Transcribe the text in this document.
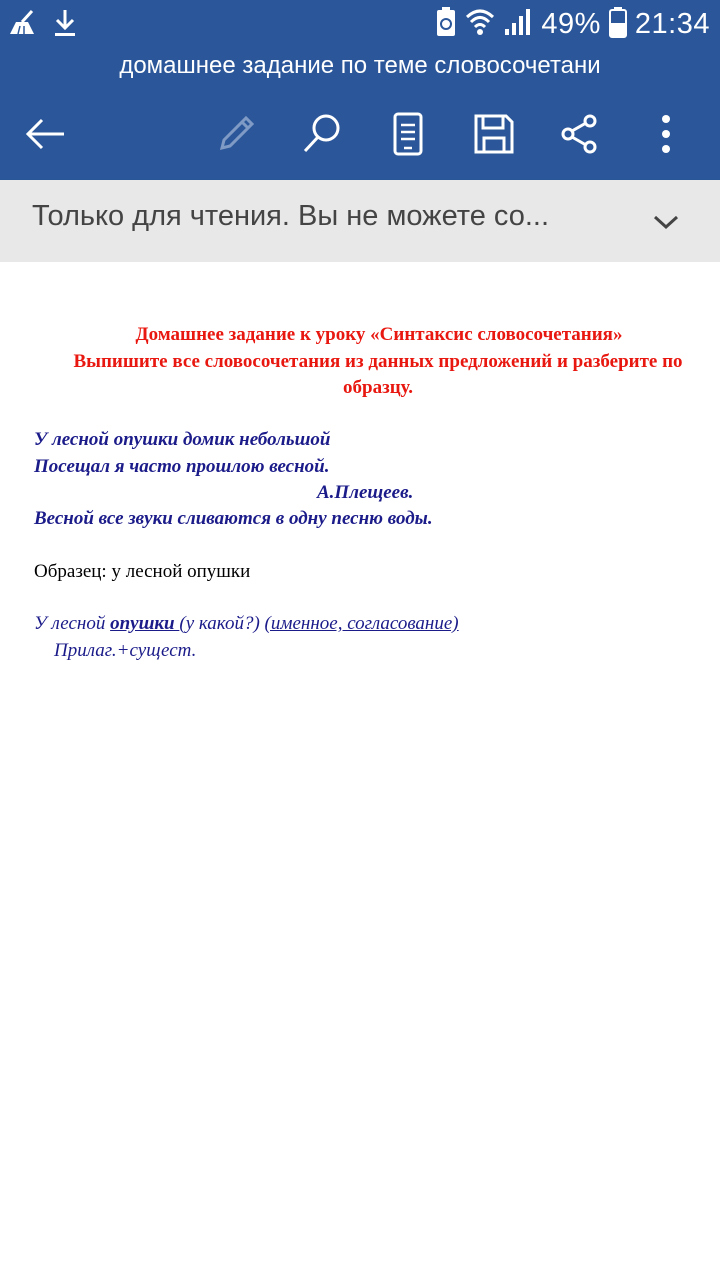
49% 21:34
домашнее задание по теме словосочетани
Только для чтения. Вы не можете со...
Домашнее задание к уроку «Синтаксис словосочетания»
Выпишите все словосочетания из данных предложений и разберите по
образцу.
У лесной опушки домик небольшой
Посещал я часто прошлою весной.
А.Плещеев.
Весной все звуки сливаются в одну песню воды.
Образец: у лесной опушки
У лесной опушки (у какой?) (именное, согласование)
Прилаг.+сущест.
